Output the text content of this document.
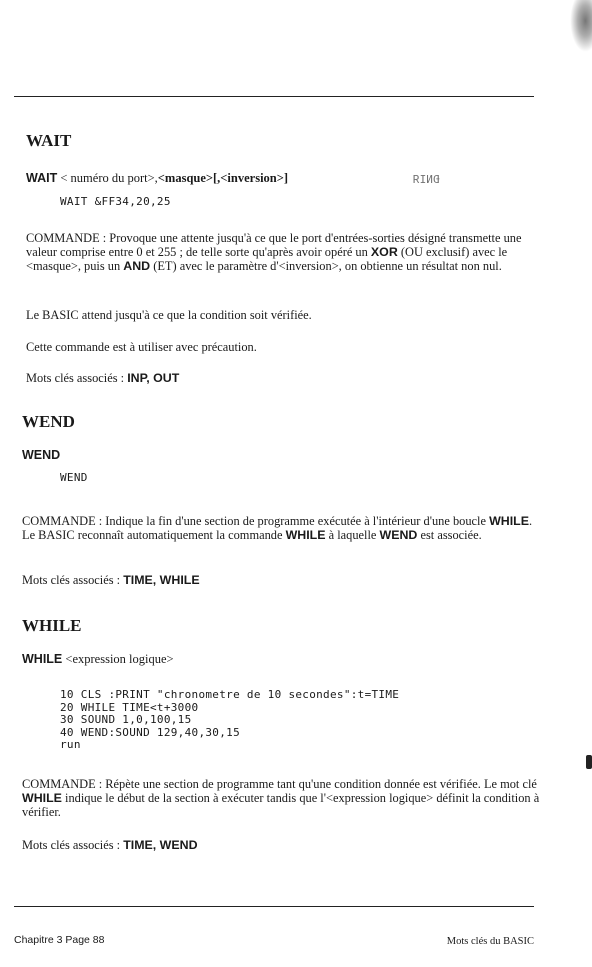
WAIT
WAIT < numéro du port>,<masque>[,<inversion>]	ÐNIЯ
WAIT &FF34,20,25

COMMANDE : Provoque une attente jusqu'à ce que le port d'entrées-sorties désigné transmette une valeur comprise entre 0 et 255 ; de telle sorte qu'après avoir opéré un XOR (OU exclusif) avec le <masque>, puis un AND (ET) avec le paramètre d'<inversion>, on obtienne un résultat non nul.

Le BASIC attend jusqu'à ce que la condition soit vérifiée.

Cette commande est à utiliser avec précaution.

Mots clés associés : INP, OUT

WEND
WEND
WEND

COMMANDE : Indique la fin d'une section de programme exécutée à l'intérieur d'une boucle WHILE. Le BASIC reconnaît automatiquement la commande WHILE à laquelle WEND est associée.

Mots clés associés : TIME, WHILE

WHILE
WHILE <expression logique>
10 CLS :PRINT "chronometre de 10 secondes":t=TIME
20 WHILE TIME<t+3000
30 SOUND 1,0,100,15
40 WEND:SOUND 129,40,30,15
run

COMMANDE : Répète une section de programme tant qu'une condition donnée est vérifiée. Le mot clé WHILE indique le début de la section à exécuter tandis que l'<expression logique> définit la condition à vérifier.

Mots clés associés : TIME, WEND

Chapitre 3 Page 88	Mots clés du BASIC
